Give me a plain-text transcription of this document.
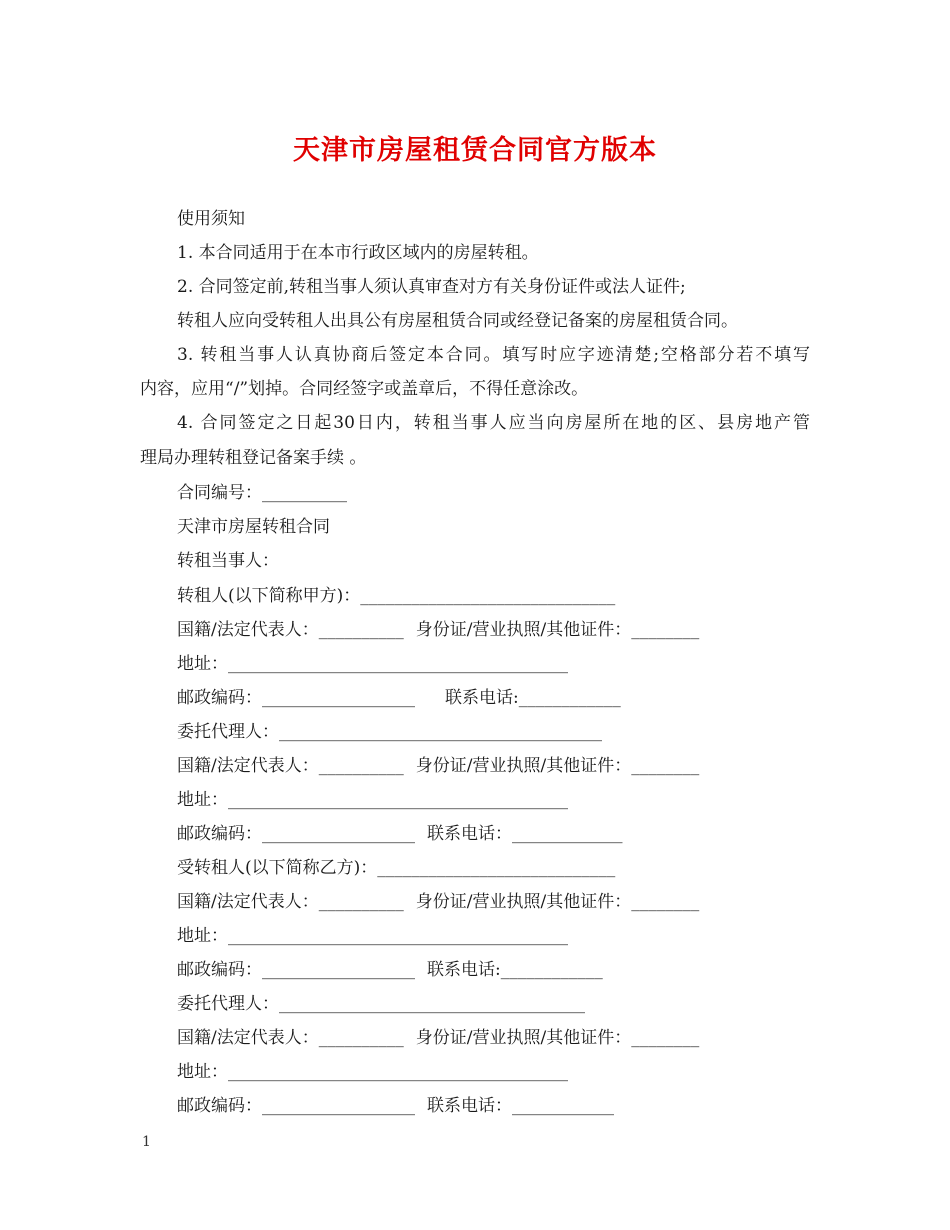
天津市房屋租赁合同官方版本

使用须知

1. 本合同适用于在本市行政区域内的房屋转租。

2. 合同签定前,转租当事人须认真审查对方有关身份证件或法人证件;

转租人应向受转租人出具公有房屋租赁合同或经登记备案的房屋租赁合同。

3. 转租当事人认真协商后签定本合同。填写时应字迹清楚;空格部分若不填写

内容，应用“/”划掉。合同经签字或盖章后，不得任意涂改。

4. 合同签定之日起30日内，转租当事人应当向房屋所在地的区、县房地产管

理局办理转租登记备案手续 。

合同编号：__________

天津市房屋转租合同

转租当事人：

转租人(以下简称甲方)：______________________________

国籍/法定代表人：__________ 身份证/营业执照/其他证件：________

地址：________________________________________

邮政编码：__________________ 联系电话:____________

委托代理人：______________________________________

国籍/法定代表人：__________ 身份证/营业执照/其他证件：________

地址：________________________________________

邮政编码：__________________ 联系电话：_____________

受转租人(以下简称乙方)：____________________________

国籍/法定代表人：__________ 身份证/营业执照/其他证件：________

地址：________________________________________

邮政编码：__________________ 联系电话:____________

委托代理人：____________________________________

国籍/法定代表人：__________ 身份证/营业执照/其他证件：________

地址：________________________________________

邮政编码：__________________ 联系电话：____________

1
